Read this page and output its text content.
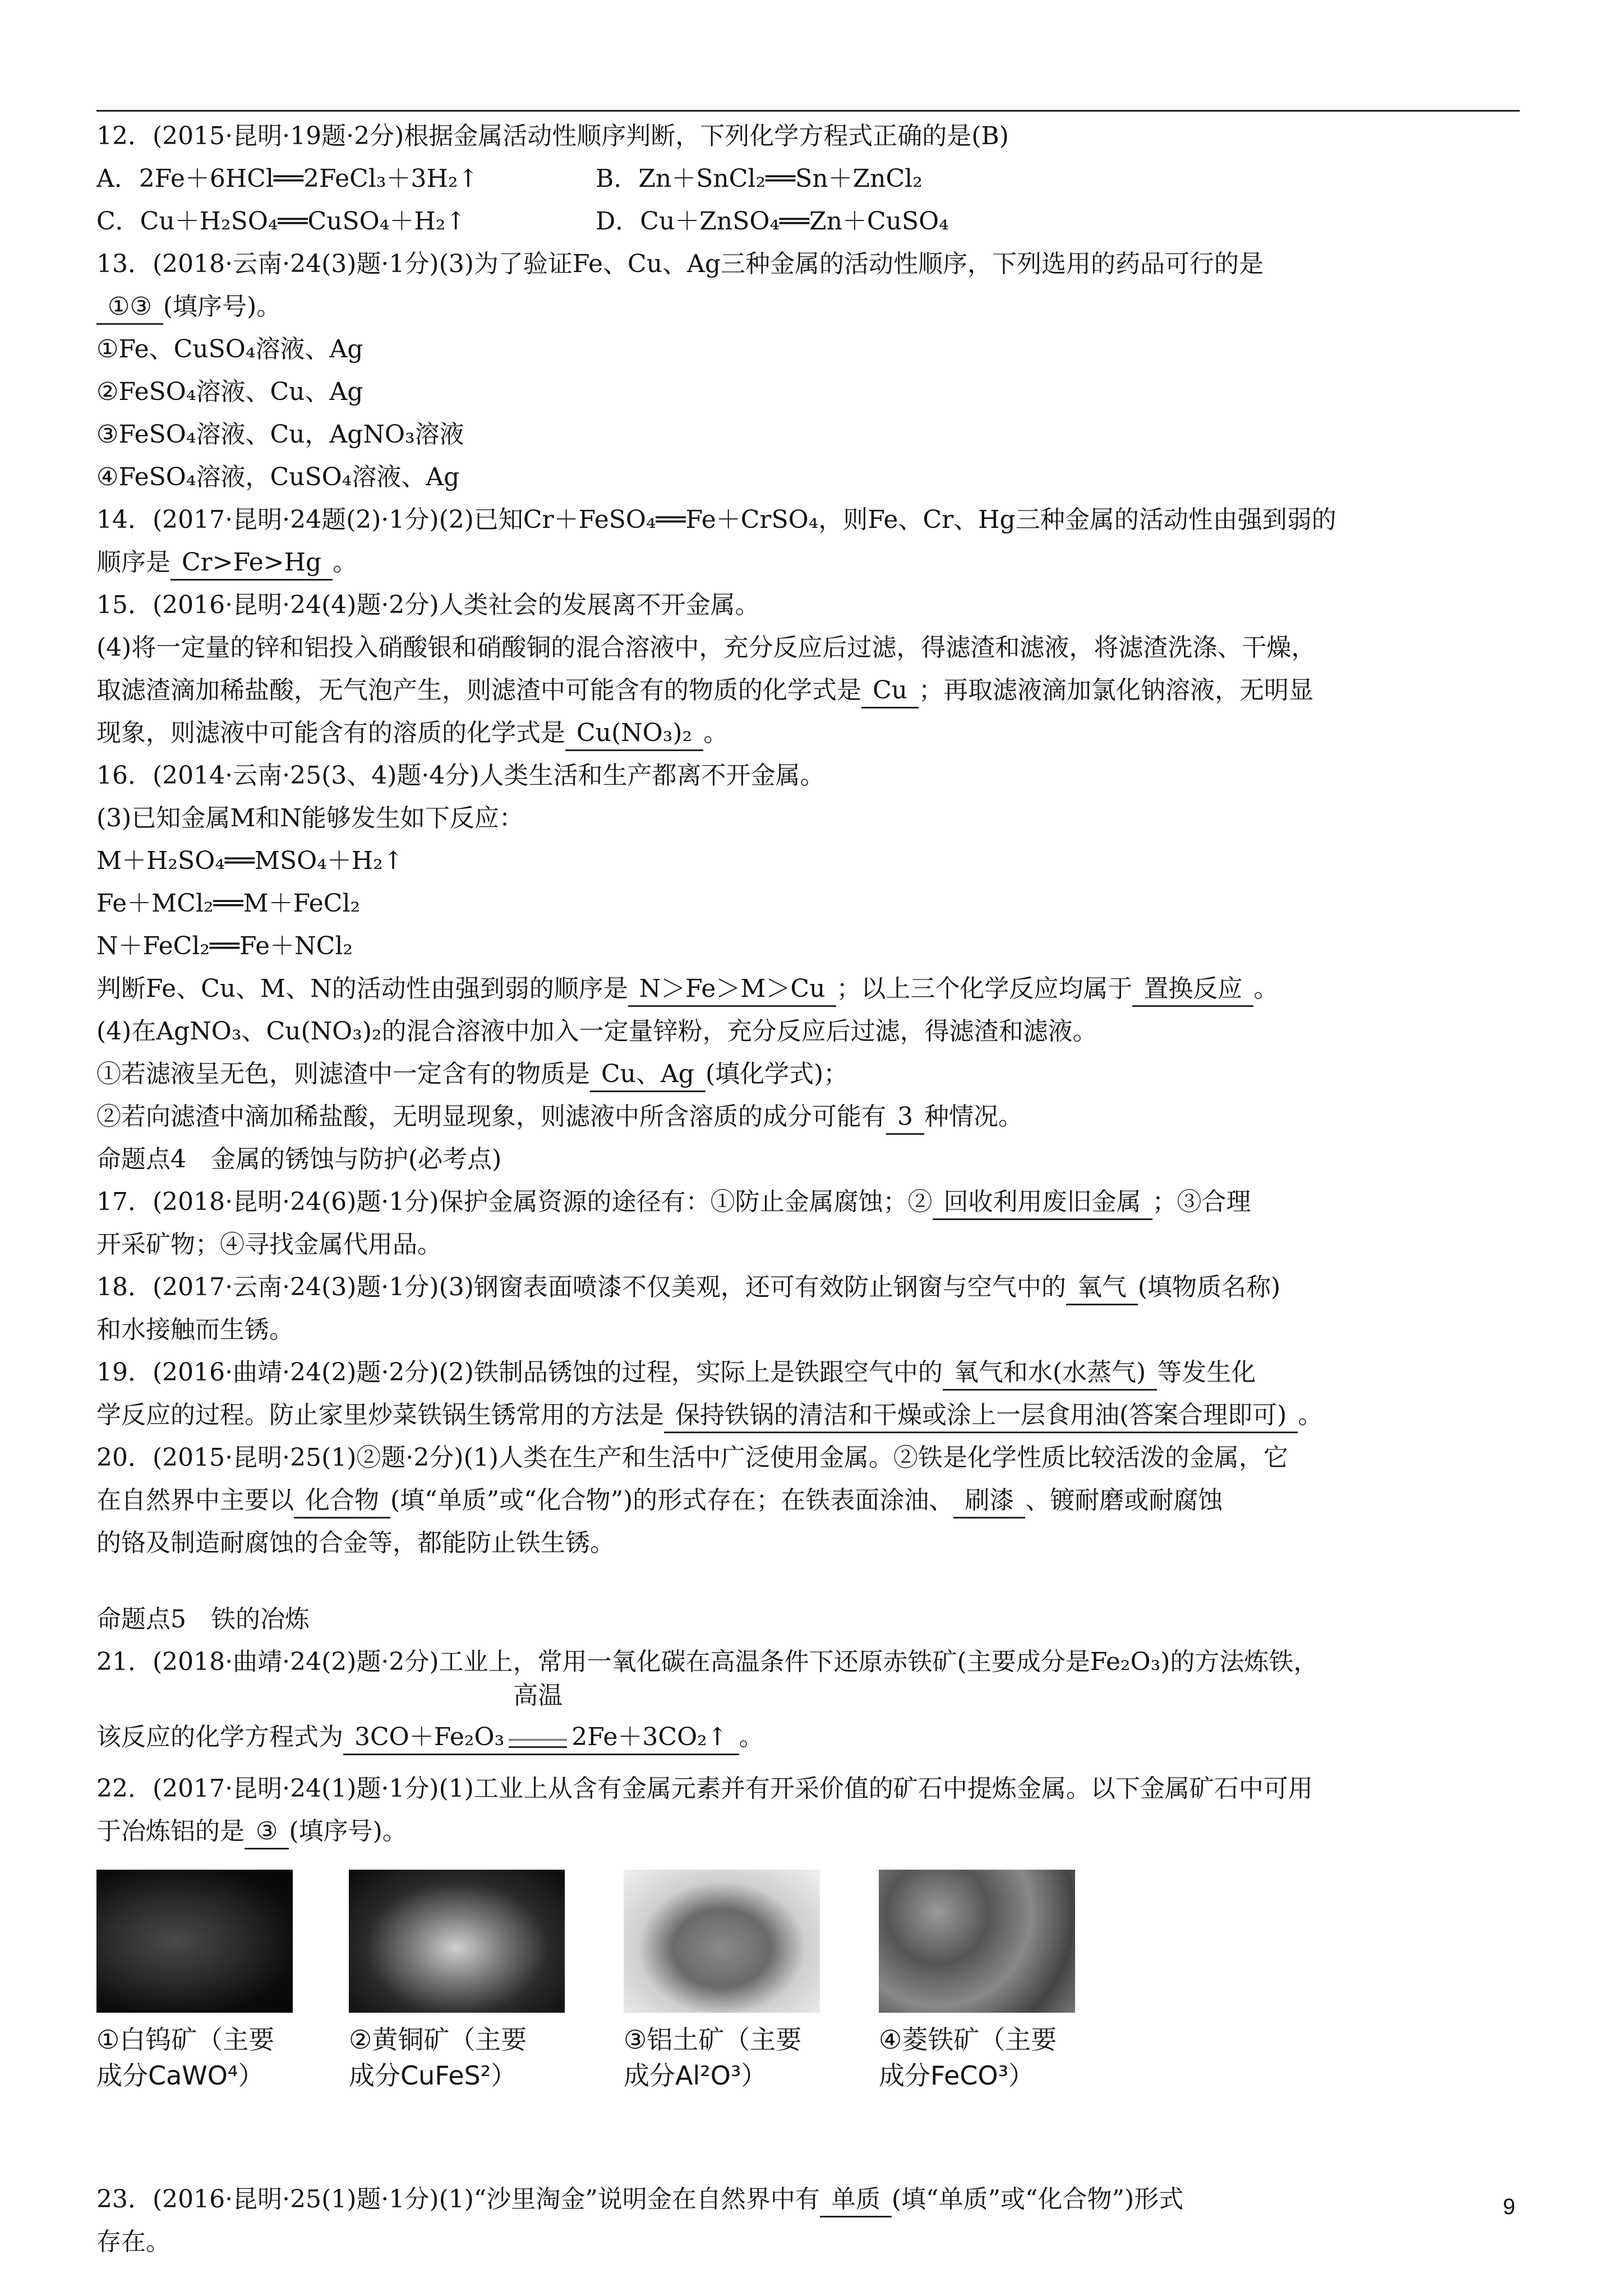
12．(2015·昆明·19题·2分)根据金属活动性顺序判断，下列化学方程式正确的是(B)
A．2Fe＋6HCl══2FeCl₃＋3H₂↑	B．Zn＋SnCl₂══Sn＋ZnCl₂
C．Cu＋H₂SO₄══CuSO₄＋H₂↑	D．Cu＋ZnSO₄══Zn＋CuSO₄
13．(2018·云南·24(3)题·1分)(3)为了验证Fe、Cu、Ag三种金属的活动性顺序，下列选用的药品可行的是
①③ (填序号)。
①Fe、CuSO₄溶液、Ag
②FeSO₄溶液、Cu、Ag
③FeSO₄溶液、Cu，AgNO₃溶液
④FeSO₄溶液，CuSO₄溶液、Ag
14．(2017·昆明·24题(2)·1分)(2)已知Cr＋FeSO₄══Fe＋CrSO₄，则Fe、Cr、Hg三种金属的活动性由强到弱的
顺序是 Cr>Fe>Hg 。
15．(2016·昆明·24(4)题·2分)人类社会的发展离不开金属。
(4)将一定量的锌和铝投入硝酸银和硝酸铜的混合溶液中，充分反应后过滤，得滤渣和滤液，将滤渣洗涤、干燥，
取滤渣滴加稀盐酸，无气泡产生，则滤渣中可能含有的物质的化学式是 Cu ；再取滤液滴加氯化钠溶液，无明显
现象，则滤液中可能含有的溶质的化学式是 Cu(NO₃)₂ 。
16．(2014·云南·25(3、4)题·4分)人类生活和生产都离不开金属。
(3)已知金属M和N能够发生如下反应：
M＋H₂SO₄══MSO₄＋H₂↑
Fe＋MCl₂══M＋FeCl₂
N＋FeCl₂══Fe＋NCl₂
判断Fe、Cu、M、N的活动性由强到弱的顺序是 N＞Fe＞M＞Cu ；以上三个化学反应均属于 置换反应 。
(4)在AgNO₃、Cu(NO₃)₂的混合溶液中加入一定量锌粉，充分反应后过滤，得滤渣和滤液。
①若滤液呈无色，则滤渣中一定含有的物质是 Cu、Ag (填化学式)；
②若向滤渣中滴加稀盐酸，无明显现象，则滤液中所含溶质的成分可能有 3 种情况。
命题点4　金属的锈蚀与防护(必考点)
17．(2018·昆明·24(6)题·1分)保护金属资源的途径有：①防止金属腐蚀；② 回收利用废旧金属 ；③合理
开采矿物；④寻找金属代用品。
18．(2017·云南·24(3)题·1分)(3)钢窗表面喷漆不仅美观，还可有效防止钢窗与空气中的 氧气 (填物质名称)
和水接触而生锈。
19．(2016·曲靖·24(2)题·2分)(2)铁制品锈蚀的过程，实际上是铁跟空气中的 氧气和水(水蒸气) 等发生化
学反应的过程。防止家里炒菜铁锅生锈常用的方法是 保持铁锅的清洁和干燥或涂上一层食用油(答案合理即可) 。
20．(2015·昆明·25(1)②题·2分)(1)人类在生产和生活中广泛使用金属。②铁是化学性质比较活泼的金属，它
在自然界中主要以 化合物 (填“单质”或“化合物”)的形式存在；在铁表面涂油、 刷漆 、镀耐磨或耐腐蚀
的铬及制造耐腐蚀的合金等，都能防止铁生锈。
命题点5　铁的冶炼
21．(2018·曲靖·24(2)题·2分)工业上，常用一氧化碳在高温条件下还原赤铁矿(主要成分是Fe₂O₃)的方法炼铁，
该反应的化学方程式为 3CO＋Fe₂O₃
高温
2Fe＋3CO₂↑ 。
22．(2017·昆明·24(1)题·1分)(1)工业上从含有金属元素并有开采价值的矿石中提炼金属。以下金属矿石中可用
于冶炼铝的是 ③ (填序号)。
①白钨矿（主要
成分CaWO⁴）
②黄铜矿（主要
成分CuFeS²）
③铝土矿（主要
成分Al²O³）
④菱铁矿（主要
成分FeCO³）
23．(2016·昆明·25(1)题·1分)(1)“沙里淘金”说明金在自然界中有 单质 (填“单质”或“化合物”)形式
存在。
9
